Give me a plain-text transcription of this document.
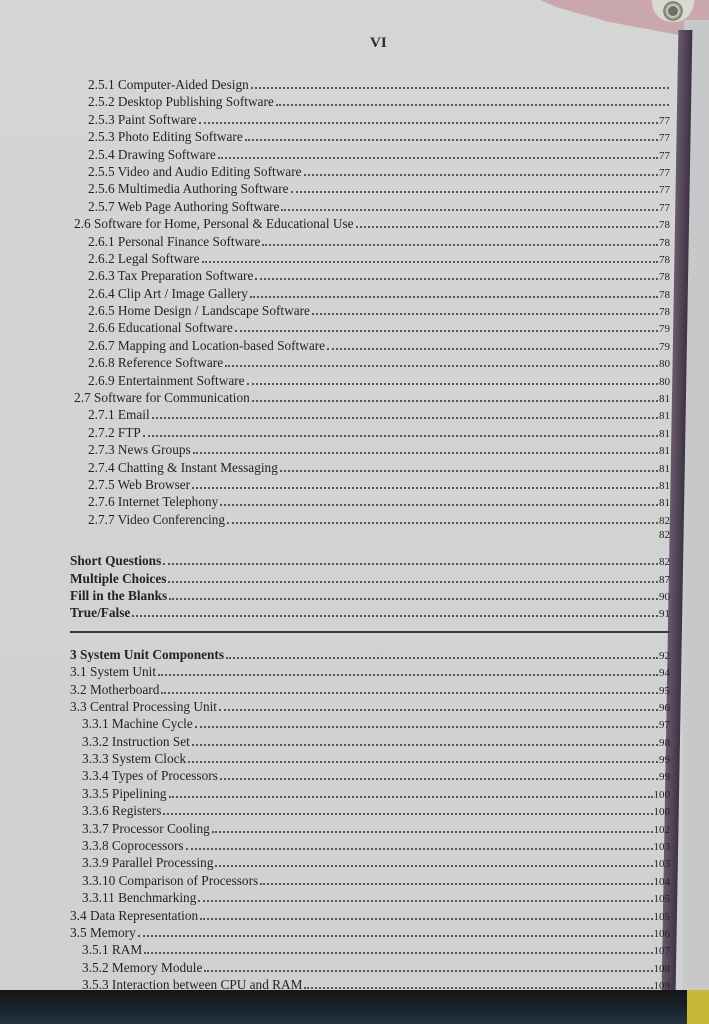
VI
2.5.1 Computer-Aided Design
2.5.2 Desktop Publishing Software
2.5.3 Paint Software	77
2.5.3 Photo Editing Software	77
2.5.4 Drawing Software	77
2.5.5 Video and Audio Editing Software	77
2.5.6 Multimedia Authoring Software	77
2.5.7 Web Page Authoring Software	77
2.6 Software for Home, Personal & Educational Use	78
2.6.1 Personal Finance Software	78
2.6.2 Legal Software	78
2.6.3 Tax Preparation Software	78
2.6.4 Clip Art / Image Gallery	78
2.6.5 Home Design / Landscape Software	78
2.6.6 Educational Software	79
2.6.7 Mapping and Location-based Software	79
2.6.8 Reference Software	80
2.6.9 Entertainment Software	80
2.7 Software for Communication	81
2.7.1 Email	81
2.7.2 FTP	81
2.7.3 News Groups	81
2.7.4 Chatting & Instant Messaging	81
2.7.5 Web Browser	81
2.7.6 Internet Telephony	81
2.7.7 Video Conferencing	82
82
Short Questions	82
Multiple Choices	87
Fill in the Blanks	90
True/False	91
3 System Unit Components	92
3.1 System Unit	94
3.2 Motherboard	95
3.3 Central Processing Unit	96
3.3.1 Machine Cycle	97
3.3.2 Instruction Set	98
3.3.3 System Clock	99
3.3.4 Types of Processors	99
3.3.5 Pipelining	100
3.3.6 Registers	100
3.3.7 Processor Cooling	102
3.3.8 Coprocessors	103
3.3.9 Parallel Processing	103
3.3.10 Comparison of Processors	104
3.3.11 Benchmarking	105
3.4 Data Representation	105
3.5 Memory	106
3.5.1 RAM	107
3.5.2 Memory Module	108
3.5.3 Interaction between CPU and RAM	109
